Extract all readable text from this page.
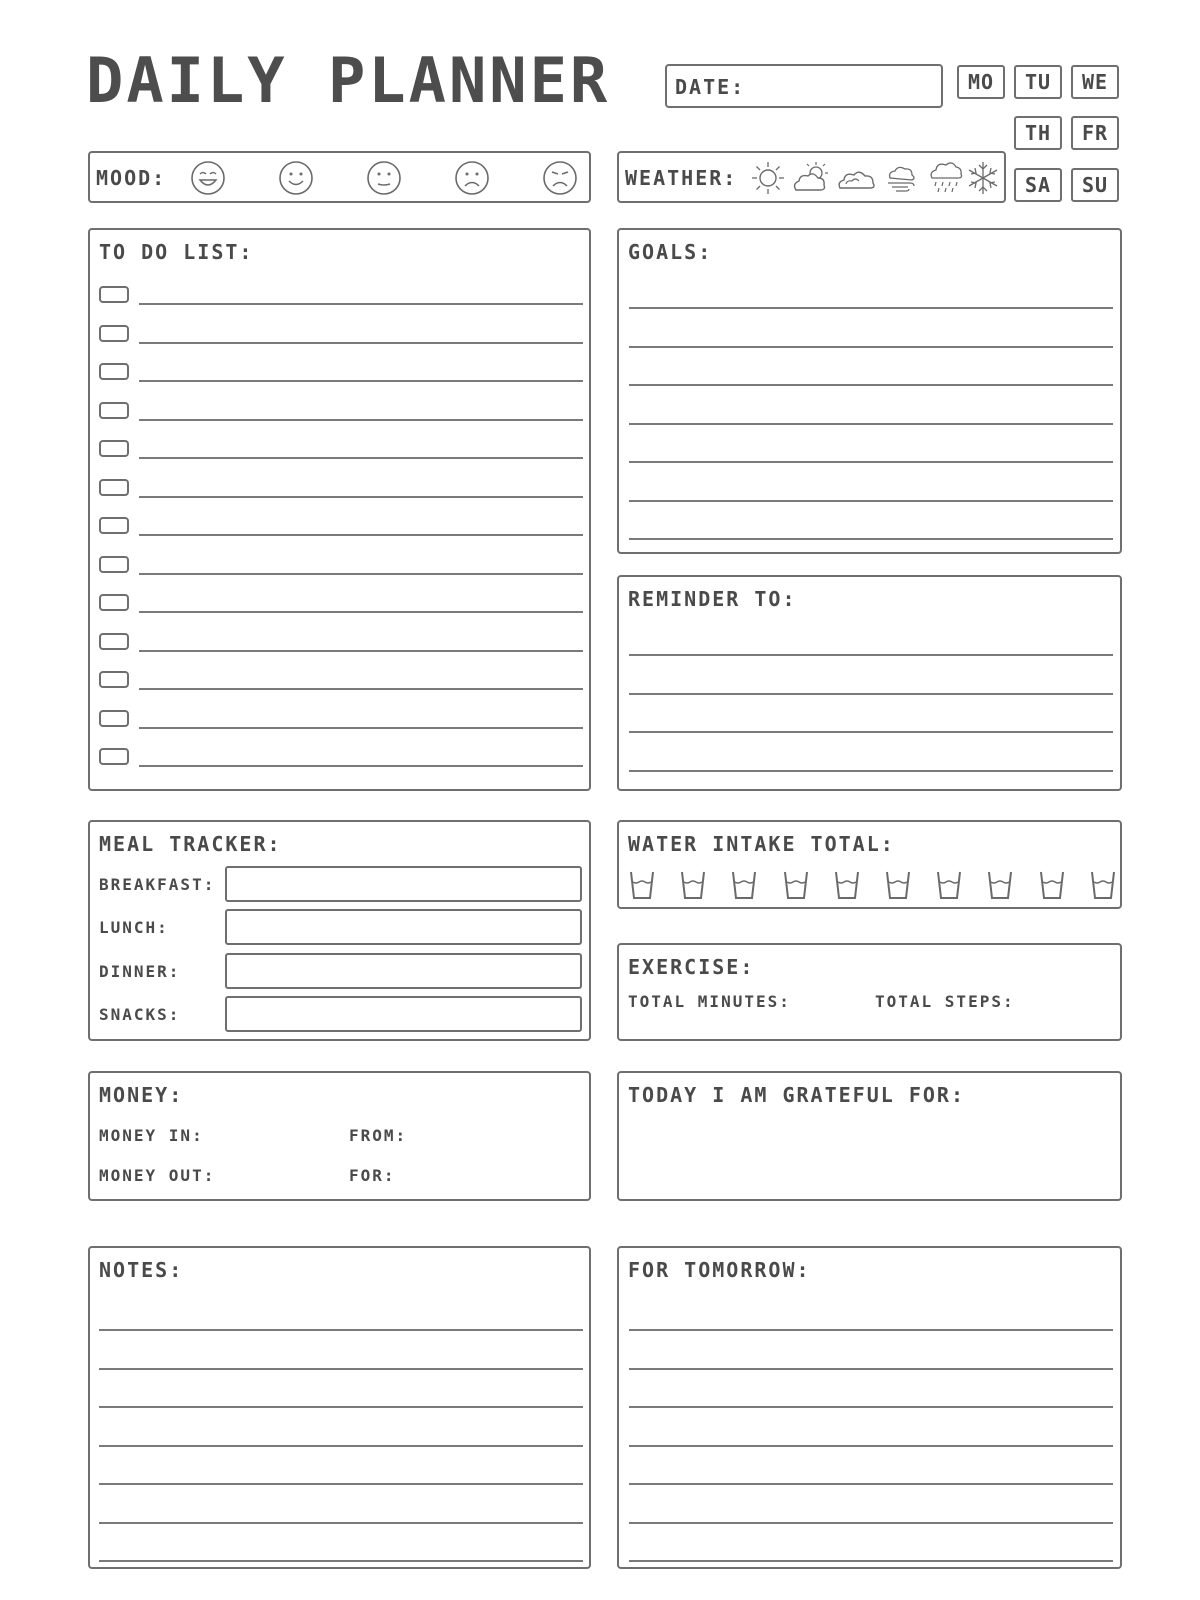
DAILY PLANNER	DATE:	MO	TU	WE
TH	FR
SA	SU
MOOD:	WEATHER:
TO DO LIST:	GOALS:
REMINDER TO:
MEAL TRACKER:
BREAKFAST:
LUNCH:
DINNER:
SNACKS:
WATER INTAKE TOTAL:
EXERCISE:
TOTAL MINUTES:	TOTAL STEPS:
MONEY:
MONEY IN:	FROM:
MONEY OUT:	FOR:
TODAY I AM GRATEFUL FOR:
NOTES:	FOR TOMORROW:
